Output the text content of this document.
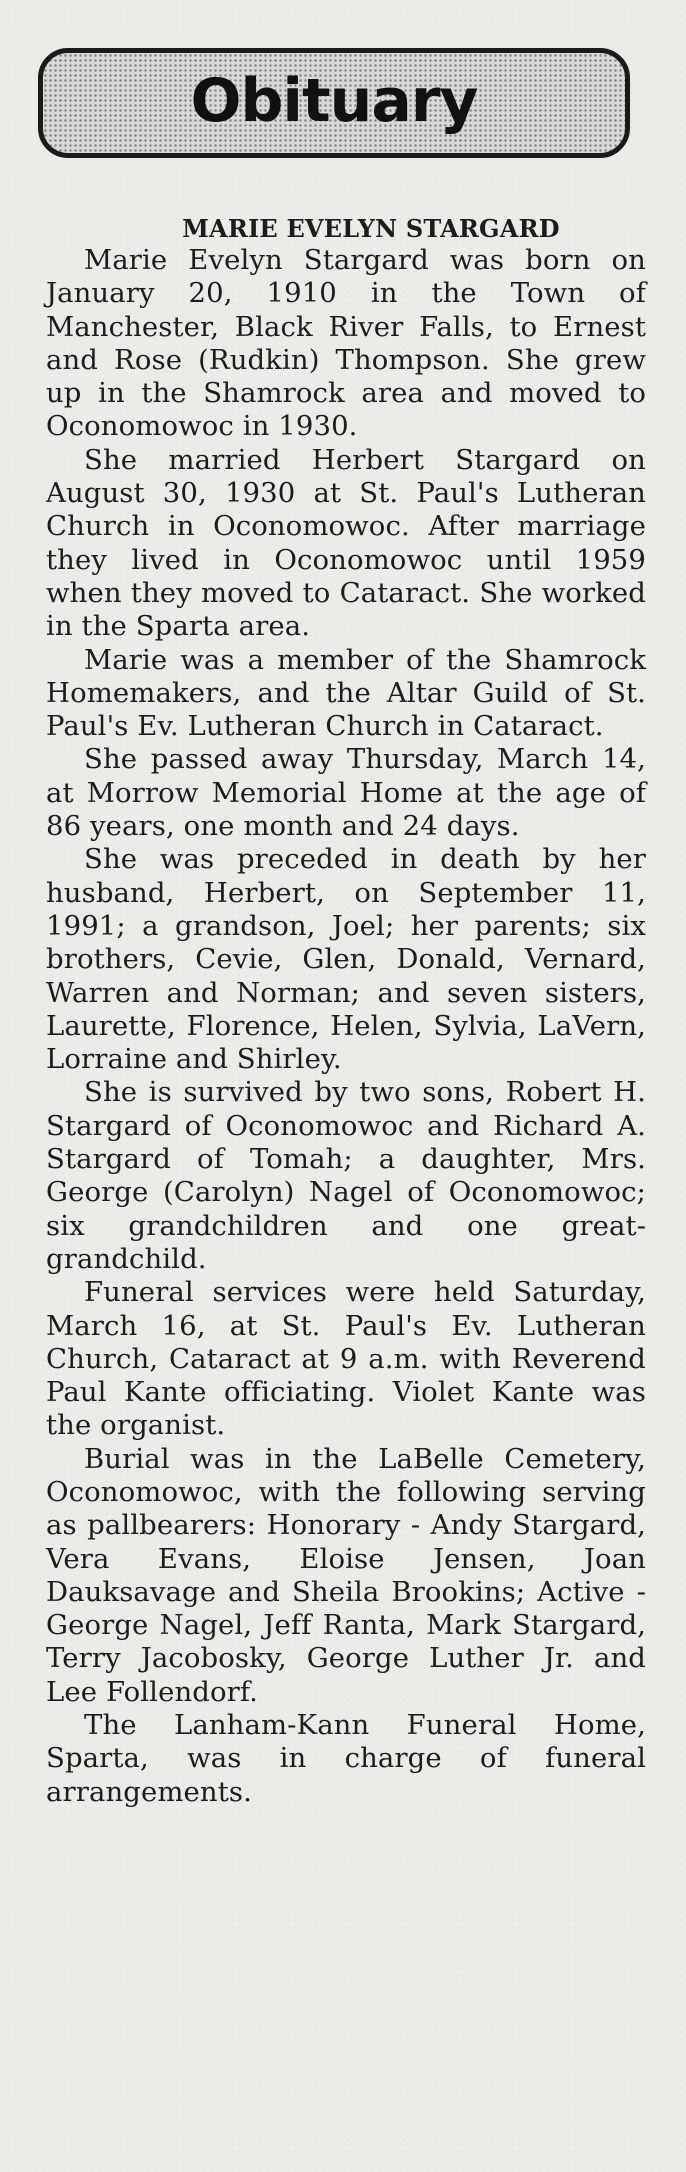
Obituary

MARIE EVELYN STARGARD

Marie Evelyn Stargard was born on January 20, 1910 in the Town of Manchester, Black River Falls, to Ernest and Rose (Rudkin) Thompson. She grew up in the Shamrock area and moved to Oconomowoc in 1930.

She married Herbert Stargard on August 30, 1930 at St. Paul's Lutheran Church in Oconomowoc. After marriage they lived in Oconomowoc until 1959 when they moved to Cataract. She worked in the Sparta area.

Marie was a member of the Shamrock Homemakers, and the Altar Guild of St. Paul's Ev. Lutheran Church in Cataract.

She passed away Thursday, March 14, at Morrow Memorial Home at the age of 86 years, one month and 24 days.

She was preceded in death by her husband, Herbert, on September 11, 1991; a grandson, Joel; her parents; six brothers, Cevie, Glen, Donald, Vernard, Warren and Norman; and seven sisters, Laurette, Florence, Helen, Sylvia, LaVern, Lorraine and Shirley.

She is survived by two sons, Robert H. Stargard of Oconomowoc and Richard A. Stargard of Tomah; a daughter, Mrs. George (Carolyn) Nagel of Oconomowoc; six grandchildren and one great-grandchild.

Funeral services were held Saturday, March 16, at St. Paul's Ev. Lutheran Church, Cataract at 9 a.m. with Reverend Paul Kante officiating. Violet Kante was the organist.

Burial was in the LaBelle Cemetery, Oconomowoc, with the following serving as pallbearers: Honorary - Andy Stargard, Vera Evans, Eloise Jensen, Joan Dauksavage and Sheila Brookins; Active - George Nagel, Jeff Ranta, Mark Stargard, Terry Jacobosky, George Luther Jr. and Lee Follendorf.

The Lanham-Kann Funeral Home, Sparta, was in charge of funeral arrangements.
